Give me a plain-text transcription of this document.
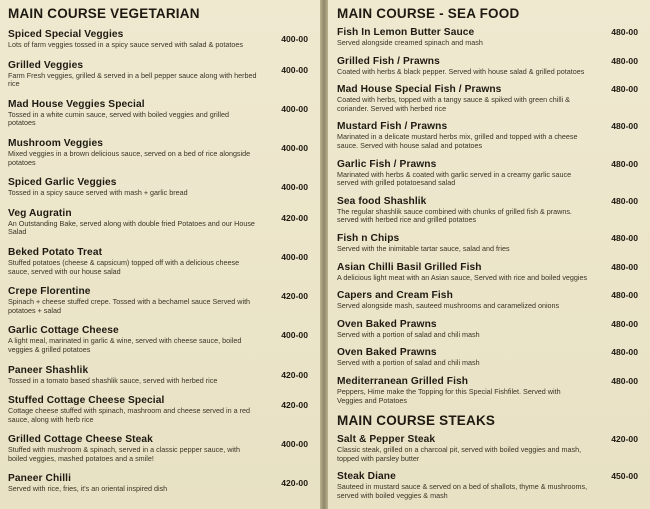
MAIN COURSE VEGETARIAN
Spiced Special Veggies
Lots of farm veggies tossed in a spicy sauce served with salad & potatoes
400-00
Grilled Veggies
Farm Fresh veggies, grilled & served in a bell pepper sauce along with herbed rice
400-00
Mad House Veggies Special
Tossed in a white cumin sauce, served with boiled veggies and grilled potatoes
400-00
Mushroom Veggies
Mixed veggies in a brown delicious sauce, served on a bed of rice alongside potatoes
400-00
Spiced Garlic Veggies
Tossed in a spicy sauce served with mash + garlic bread
400-00
Veg Augratin
An Outstanding Bake, served along with double fried Potatoes and our House Salad
420-00
Beked Potato Treat
Stuffed potatoes (cheese & capsicum) topped off with a delicious cheese sauce, served with our house salad
400-00
Crepe Florentine
Spinach + cheese stuffed crepe. Tossed with a bechamel sauce Served with potatoes + salad
420-00
Garlic Cottage Cheese
A light meal, marinated in garlic & wine, served with cheese sauce, boiled veggies & grilled potatoes
400-00
Paneer Shashlik
Tossed in a tomato based shashlik sauce, served with herbed rice
420-00
Stuffed Cottage Cheese Special
Cottage cheese stuffed with spinach, mashroom and cheese served in a red sauce, along with herb rice
420-00
Grilled Cottage Cheese Steak
Stuffed with mushroom & spinach, served in a classic pepper sauce, with boiled veggies, mashed potatoes and a smile!
400-00
Paneer Chilli
Served with rice, fries, it's an oriental inspired dish
420-00
MAIN COURSE - SEA FOOD
Fish In Lemon Butter Sauce
Served alongside creamed spinach and mash
480-00
Grilled Fish / Prawns
Coated with herbs & black pepper. Served with house salad & grilled potatoes
480-00
Mad House Special Fish / Prawns
Coated with herbs, topped with a tangy sauce & spiked with green chilli & coriander. Served with herbed rice
480-00
Mustard Fish / Prawns
Marinated in a delicate mustard herbs mix, grilled and topped with a cheese sauce. Served with house salad and potatoes
480-00
Garlic Fish / Prawns
Marinated with herbs & coated with garlic served in a creamy garlic sauce served with grilled potatoesand salad
480-00
Sea food Shashlik
The regular shashlik sauce combined with chunks of grilled fish & prawns. served with herbed rice and grilled potatoes
480-00
Fish n Chips
Served with the inimitable tartar sauce, salad and fries
480-00
Asian Chilli Basil Grilled Fish
A delicious light meat with an Asian sauce, Served with rice and boiled veggies
480-00
Capers and Cream Fish
Served alongside mash, sauteed mushrooms and caramelized onions
480-00
Oven Baked Prawns
Served with a portion of salad and chili mash
480-00
Oven Baked Prawns
Served with a portion of salad and chili mash
480-00
Mediterranean Grilled Fish
Peppers, Hime make the Topping for this Special Fishfilet. Served with Veggies and Potatoes
480-00
MAIN COURSE STEAKS
Salt & Pepper Steak
Classic steak, grilled on a charcoal pit, served with boiled veggies and mash, topped with parsley butter
420-00
Steak Diane
Sauteed in mustard sauce & served on a bed of shallots, thyme & mushrooms, served with boiled veggies & mash
450-00
